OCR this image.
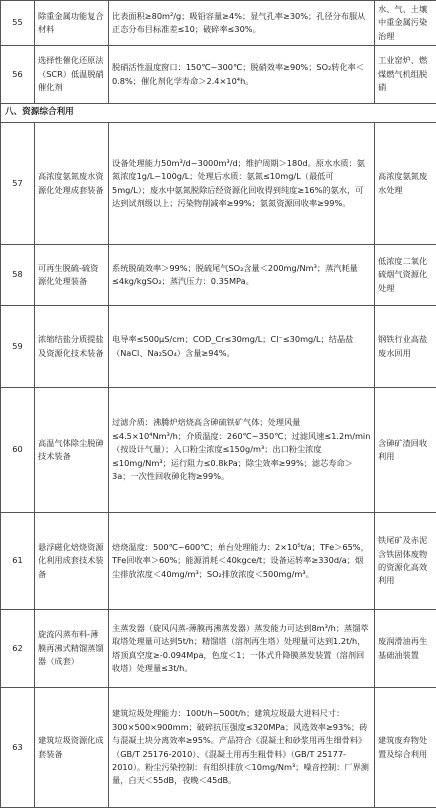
55	除重金属功能复合材料	比表面积≥80m²/g；吸铅容量≥4%；显气孔率≥30%；孔径分布服从正态分布目标准差≤10；破碎率≤30%。	水、气、土壤中重金属污染治理
56	选择性催化还原法（SCR）低温脱硝催化剂	脱硝活性温度窗口：150℃~300℃；脱硝效率≥90%；SO₂转化率＜0.8%；催化剂化学寿命＞2.4×10⁴h。	工业窑炉、燃煤燃气机组脱硝
八、资源综合利用			
57	高浓度氨氮废水资源化处理成套装备	设备处理能力50m³/d~3000m³/d；维护周期＞180d。原水水质：氨氮浓度1g/L~100g/L；处理后水质：氨氮≤10mg/L（最低可5mg/L）；废水中氨氮脱除后经资源化回收得到纯度≥16%的氨水，可达到试剂级以上；污染物削减率≥99%；氨氮资源回收率≥99%。	高浓度氨氮废水处理
58	可再生脱硫-硫资源化处理装备	系统脱硫效率＞99%；脱硫尾气SO₂含量＜200mg/Nm³；蒸汽耗量≤4kg/kgSO₂；蒸汽压力：0.35MPa。	低浓度二氧化硫烟气资源化处理
59	浓缩结盐分质提盐及资源化技术装备	电导率≤500μS/cm；COD_Cr≤30mg/L；Cl⁻≤30mg/L；结晶盐（NaCl、Na₂SO₄）含量≥94%。	钢铁行业高盐废水回用
60	高温气体除尘脱砷技术装备	过滤介质：沸腾炉焙烧高含砷硫铁矿气体；处理风量≤4.5×10⁴Nm³/h；介质温度：260℃~350℃；过滤风速≤1.2m/min（按设计气量）；入口粉尘浓度≤150g/m³；出口粉尘浓度≤10mg/Nm³；运行阻力≤0.8kPa；除尘效率≥99%；滤芯寿命＞3a；一次性回收砷化物≥99%。	含砷矿渣回收利用
61	悬浮磁化焙烧资源化利用成套技术装备	焙烧温度：500℃~600℃；单台处理能力：2×10⁵t/a；TFe＞65%，TFe回收率＞60%；能源消耗＜40kgce/t；设备运转率≥330d/a；烟尘排放浓度＜40mg/m³；SO₂排放浓度＜500mg/m³。	铁尾矿及赤泥含铁固体废物的资源化高效利用
62	旋流闪蒸布料-薄膜再沸式精馏蒸馏器（成套）	主蒸发器（旋风闪蒸-薄膜再沸蒸发器）蒸发能力可达到8m³/h；蒸馏萃取塔处理量可达到5t/h；精馏塔（溶剂再生塔）处理量可达到1.2t/h，塔顶真空度≥-0.094Mpa，色度＜1；一体式升降膜蒸发装置（溶剂回收塔）处理量≤3t/h。	废润滑油再生基础油装置
63	建筑垃圾资源化成套装备	建筑垃圾处理能力：100t/h~500t/h；建筑垃圾最大进料尺寸：300×500×900mm；破碎抗压强度≤320MPa；风选效率≥93%；砖与混凝土块分离效率≥95%。产品符合《混凝土和砂浆用再生细骨料》（GB/T 25176-2010）、《混凝土用再生粗骨料》（GB/T 25177-2010）。粉尘污染控制：有组织排放＜10mg/Nm³；噪音控制：厂界测量，白天＜55dB，夜晚＜45dB。	建筑废弃物处置及综合利用
